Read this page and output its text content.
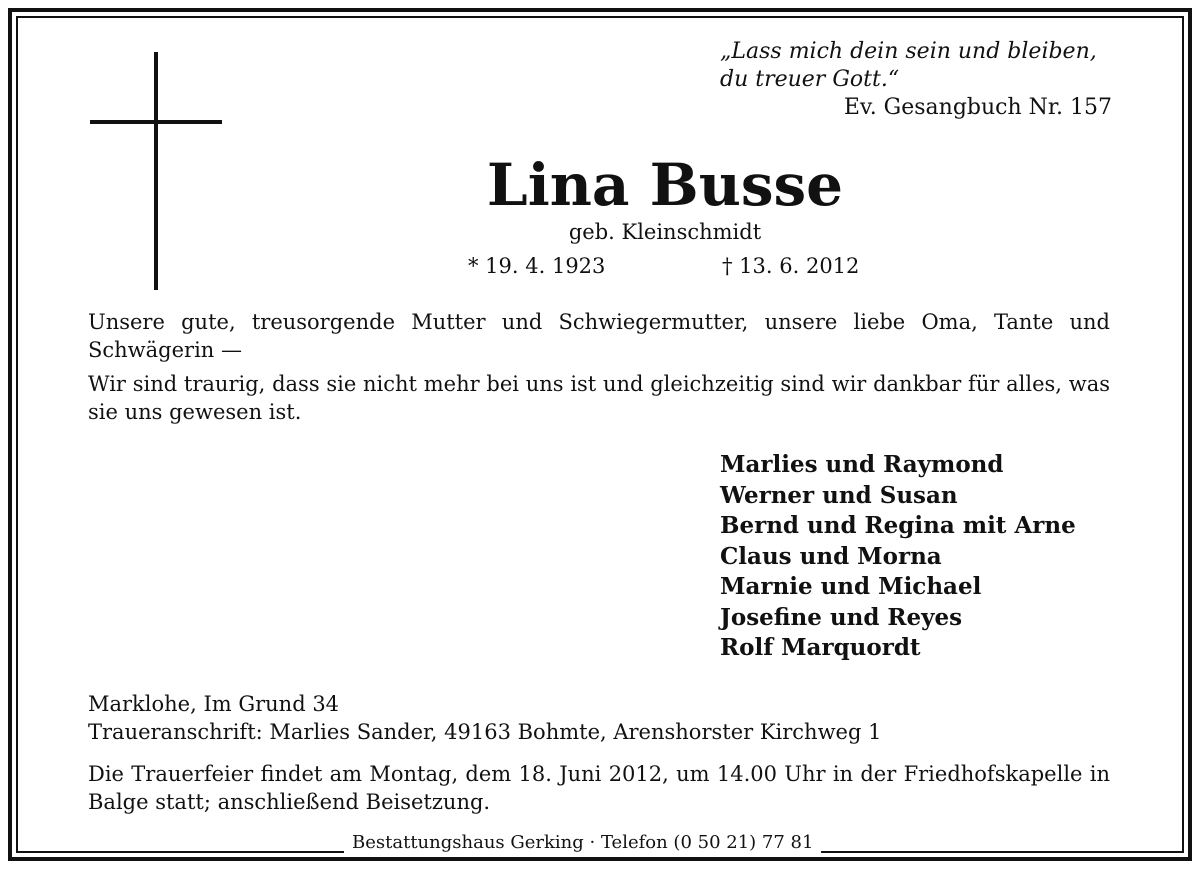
„Lass mich dein sein und bleiben,
du treuer Gott.“
Ev. Gesangbuch Nr. 157
Lina Busse
geb. Kleinschmidt
* 19. 4. 1923	† 13. 6. 2012

Unsere gute, treusorgende Mutter und Schwiegermutter, unsere liebe Oma, Tante und Schwägerin —

Wir sind traurig, dass sie nicht mehr bei uns ist und gleichzeitig sind wir dankbar für alles, was sie uns gewesen ist.

Marlies und Raymond
Werner und Susan
Bernd und Regina mit Arne
Claus und Morna
Marnie und Michael
Josefine und Reyes
Rolf Marquordt
Marklohe, Im Grund 34
Traueranschrift: Marlies Sander, 49163 Bohmte, Arenshorster Kirchweg 1

Die Trauerfeier findet am Montag, dem 18. Juni 2012, um 14.00 Uhr in der Friedhofskapelle in Balge statt; anschließend Beisetzung.

Bestattungshaus Gerking · Telefon (0 50 21) 77 81
